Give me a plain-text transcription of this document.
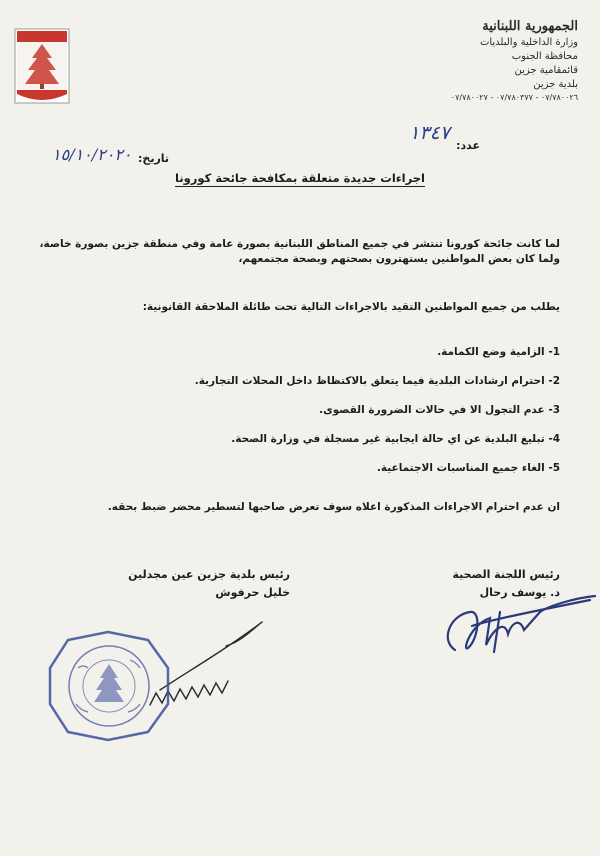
الجمهورية اللبنانية
وزارة الداخلية والبلديات
محافظة الجنوب
قائمقامية جزين
بلدية جزين
٠٧/٧٨٠٠٢٦ - ٠٧/٧٨٠٣٧٧ - ٠٧/٧٨٠٠٢٧
عدد:
١٣٤٧
تاريخ:
١٥/١٠/٢٠٢٠
اجراءات جديدة متعلقة بمكافحة جائحة كورونا
لما كانت جائحة كورونا تنتشر في جميع المناطق اللبنانية بصورة عامة وفي منطقة جزين بصورة خاصة، ولما كان بعض المواطنين يستهترون بصحتهم وبصحة مجتمعهم،
يطلب من جميع المواطنين التقيد بالاجراءات التالية تحت طائلة الملاحقة القانونية:
1- الزامية وضع الكمامة.
2- احترام ارشادات البلدية فيما يتعلق بالاكتظاظ داخل المحلات التجارية.
3- عدم التجول الا في حالات الضرورة القصوى.
4- تبليغ البلدية عن اي حالة ايجابية غير مسجلة في وزارة الصحة.
5- الغاء جميع المناسبات الاجتماعية.
ان عدم احترام الاجراءات المذكورة اعلاه سوف تعرض صاحبها لتسطير محضر ضبط بحقه.
رئيس اللجنة الصحية
د. يوسف رحال
رئيس بلدية جزين عين مجدلين
خليل حرفوش
